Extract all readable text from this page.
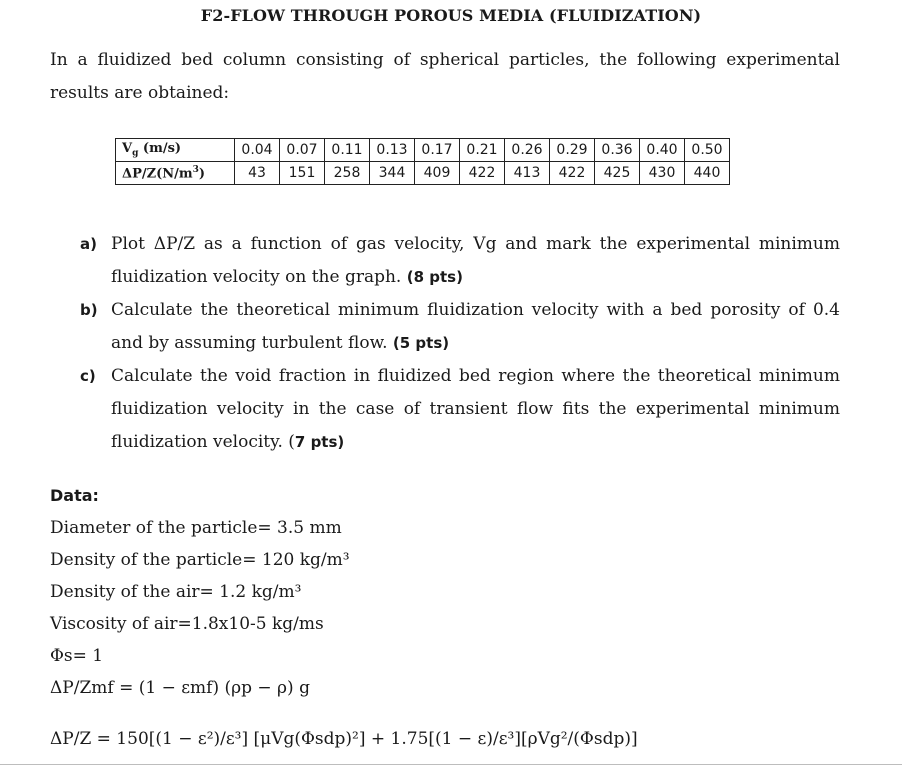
F2-FLOW THROUGH POROUS MEDIA (FLUIDIZATION)
In a fluidized bed column consisting of spherical particles, the following experimental results are obtained:
$V_g$ (m/s)	0.04	0.07	0.11	0.13	0.17	0.21	0.26	0.29	0.36	0.40	0.50
$\Delta P/Z(N/m^3)$	43	151	258	344	409	422	413	422	425	430	440
a) Plot ΔP/Z as a function of gas velocity, Vg and mark the experimental minimum fluidization velocity on the graph. (8 pts)
b) Calculate the theoretical minimum fluidization velocity with a bed porosity of 0.4 and by assuming turbulent flow. (5 pts)
c) Calculate the void fraction in fluidized bed region where the theoretical minimum fluidization velocity in the case of transient flow fits the experimental minimum fluidization velocity. (7 pts)
Data:
Diameter of the particle= 3.5 mm
Density of the particle= 120 kg/m³
Density of the air= 1.2 kg/m³
Viscosity of air=1.8x10-5 kg/ms
Φs= 1
ΔP/Zmf = (1 − εmf) (ρp − ρ) g
ΔP/Z = 150[(1 − ε²)/ε³] [μVg(Φsdp)²] + 1.75[(1 − ε)/ε³][ρVg²/(Φsdp)]
